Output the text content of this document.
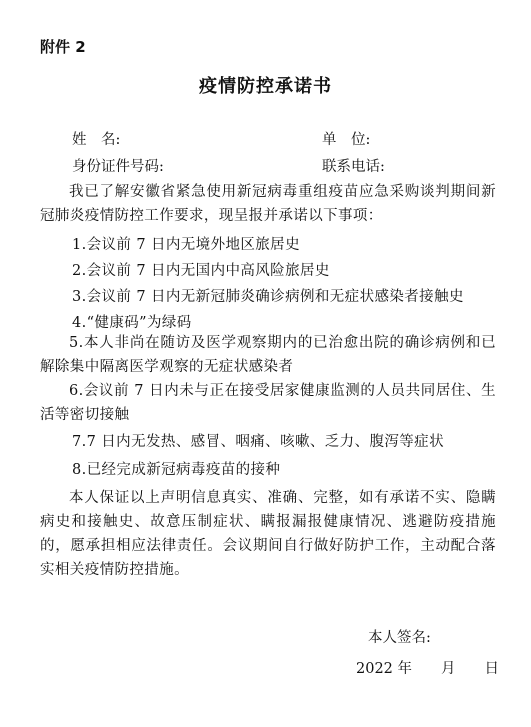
附件 2
疫情防控承诺书
姓　名:	单　位:
身份证件号码:	联系电话:
我已了解安徽省紧急使用新冠病毒重组疫苗应急采购谈判期间新冠肺炎疫情防控工作要求，现呈报并承诺以下事项：
1.会议前 7 日内无境外地区旅居史
2.会议前 7 日内无国内中高风险旅居史
3.会议前 7 日内无新冠肺炎确诊病例和无症状感染者接触史
4.“健康码”为绿码
5.本人非尚在随访及医学观察期内的已治愈出院的确诊病例和已解除集中隔离医学观察的无症状感染者
6.会议前 7 日内未与正在接受居家健康监测的人员共同居住、生活等密切接触
7.7 日内无发热、感冒、咽痛、咳嗽、乏力、腹泻等症状
8.已经完成新冠病毒疫苗的接种
本人保证以上声明信息真实、准确、完整，如有承诺不实、隐瞒病史和接触史、故意压制症状、瞒报漏报健康情况、逃避防疫措施的，愿承担相应法律责任。会议期间自行做好防护工作，主动配合落实相关疫情防控措施。
本人签名:
2022 年　　月　　日
